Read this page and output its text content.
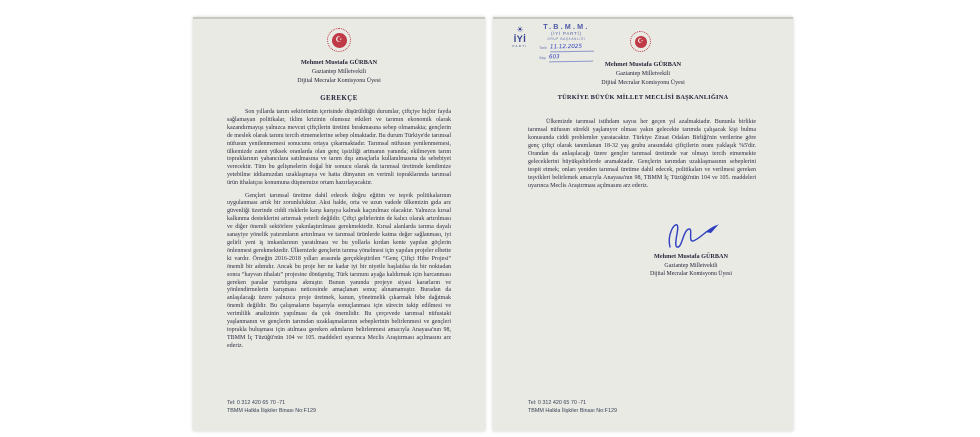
☪
Mehmet Mustafa GÜRBAN
Gaziantep Milletvekili
Dijital Mecralar Komisyonu Üyesi
GEREKÇE

Son yıllarda tarım sektörünün içerisinde düşürüldüğü durumlar, çiftçiye hiçbir fayda sağlamayan politikalar, iklim krizinin olumsuz etkileri ve tarımın ekonomik olarak kazandırmayışı yalnızca mevcut çiftçilerin üretimi bırakmasına sebep olmamakta; gençlerin de meslek olarak tarımı tercih etmemelerine sebep olmaktadır. Bu durum Türkiye'de tarımsal nüfusun yenilenmemesi sonucunu ortaya çıkarmaktadır. Tarımsal nüfusun yenilenmemesi, ülkemizde zaten yüksek oranlarda olan genç işsizliği artmanın yanında; ekilmeyen tarım topraklarının yabancılara satılmasına ve tarım dışı amaçlarla kullanılmasına da sebebiyet verecektir. Tüm bu gelişmelerin doğal bir sonucu olarak da tarımsal üretimde kendimize yetebilme iddiamızdan uzaklaşmaya ve hatta dünyanın en verimli topraklarında tarımsal ürün ithalatçısı konumuna düşmemize ortam hazırlayacaktır.

Gençleri tarımsal üretime dahil edecek doğru eğitim ve teşvik politikalarının uygulanması artık bir zorunluluktur. Aksi halde, orta ve uzun vadede ülkemizin gıda arz güvenliği üzerinde ciddi risklerle karşı karşıya kalmak kaçınılmaz olacaktır. Yalnızca kırsal kalkınma desteklerini artırmak yeterli değildir. Çiftçi gelirlerinin de kalıcı olarak artırılması ve diğer önemli sektörlere yakınlaştırılması gerekmektedir. Kırsal alanlarda tarıma dayalı sanayiye yönelik yatırımların artırılması ve tarımsal ürünlerde katma değer sağlanması, iyi gelirli yeni iş imkanlarının yaratılması ve bu yollarla kırdan kente yapılan göçlerin önlenmesi gerekmektedir. Ülkemizde gençlerin tarıma yönelmesi için yapılan projeler elbette ki vardır. Örneğin 2016-2018 yılları arasında gerçekleştirilen “Genç Çiftçi Hibe Projesi” önemli bir adımdır. Ancak bu proje her ne kadar iyi bir niyetle başlatılsa da bir noktadan sonra “hayvan ithalatı” projesine dönüşmüş; Türk tarımını ayağa kaldırmak için harcanması gereken paralar yurtdışına akmıştır. Bunun yanında projeye siyasi kararların ve yönlendirmelerin karışması neticesinde amaçlanan sonuç alınamamıştır. Buradan da anlaşılacağı üzere yalnızca proje üretmek, kanun, yönetmelik çıkarmak hibe dağıtmak önemli değildir. Bu çalışmaların başarıyla sonuçlanması için sürecin takip edilmesi ve verimlilik analizinin yapılması da çok önemlidir. Bu çerçevede tarımsal nüfustaki yaşlanmanın ve gençlerin tarımdan uzaklaşmalarının sebeplerinin belirlenmesi ve gençleri toprakla buluşması için atılması gereken adımların belirlenmesi amacıyla Anayasa'nın 98, TBMM İç Tüzüğü'nün 104 ve 105. maddeleri uyarınca Meclis Araştırması açılmasını arz ederiz.

Tel: 0 312 420 65 70 -71
TBMM Halkla İlişkiler Binası No:F129
☀
İYİ
PARTİ
T.B.M.M.
(İYİ PARTİ)
GRUP BAŞKANLIĞI
Tarih 11.12.2025
Sayı 603
☪
Mehmet Mustafa GÜRBAN
Gaziantep Milletvekili
Dijital Mecralar Komisyonu Üyesi
TÜRKİYE BÜYÜK MİLLET MECLİSİ BAŞKANLIĞINA

Ülkemizde tarımsal istihdam sayısı her geçen yıl azalmaktadır. Bununla birlikte tarımsal nüfusun sürekli yaşlanıyor olması yakın gelecekte tarımda çalışacak kişi bulma konusunda ciddi problemler yaratacaktır. Türkiye Ziraat Odaları Birliği'nin verilerine göre genç çiftçi olarak tanımlanan 18-32 yaş grubu arasındaki çiftçilerin oranı yaklaşık %5'dir. Orandan da anlaşılacağı üzere gençler tarımsal üretimde var olmayı tercih etmemekte geleceklerini büyükşehirlerde aramaktadır. Gençlerin tarımdan uzaklaşmasının sebeplerini tespit etmek; onları yeniden tarımsal üretime dahil edecek, politikaları ve verilmesi gereken teşvikleri belirlemek amacıyla Anayasa'nın 98, TBMM İç Tüzüğü'nün 104 ve 105. maddeleri uyarınca Meclis Araştırması açılmasını arz ederiz.

Mehmet Mustafa GÜRBAN
Gaziantep Milletvekili
Dijital Mecralar Komisyonu Üyesi
Tel: 0 312 420 65 70 -71
TBMM Halkla İlişkiler Binası No:F129
